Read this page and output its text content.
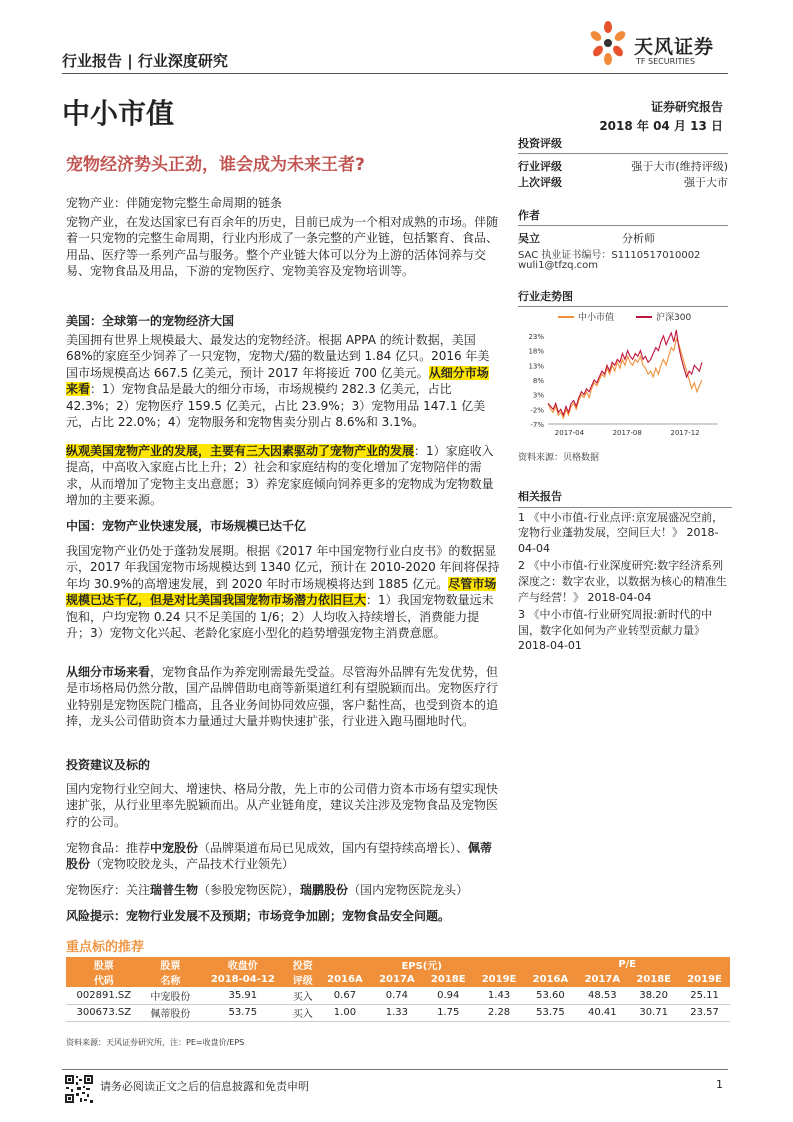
行业报告 | 行业深度研究
天风证券
TF SECURITIES
中小市值	证券研究报告
2018 年 04 月 13 日
宠物经济势头正劲，谁会成为未来王者?
宠物产业：伴随宠物完整生命周期的链条

宠物产业，在发达国家已有百余年的历史，目前已成为一个相对成熟的市场。伴随着一只宠物的完整生命周期，行业内形成了一条完整的产业链，包括繁育、食品、用品、医疗等一系列产品与服务。整个产业链大体可以分为上游的活体饲养与交易、宠物食品及用品，下游的宠物医疗、宠物美容及宠物培训等。

美国：全球第一的宠物经济大国

美国拥有世界上规模最大、最发达的宠物经济。根据 APPA 的统计数据，美国 68%的家庭至少饲养了一只宠物，宠物犬/猫的数量达到 1.84 亿只。2016 年美国市场规模高达 667.5 亿美元，预计 2017 年将接近 700 亿美元。从细分市场来看：1）宠物食品是最大的细分市场，市场规模约 282.3 亿美元，占比 42.3%；2）宠物医疗 159.5 亿美元，占比 23.9%；3）宠物用品 147.1 亿美元，占比 22.0%；4）宠物服务和宠物售卖分别占 8.6%和 3.1%。

纵观美国宠物产业的发展，主要有三大因素驱动了宠物产业的发展：1）家庭收入提高，中高收入家庭占比上升；2）社会和家庭结构的变化增加了宠物陪伴的需求，从而增加了宠物主支出意愿；3）养宠家庭倾向饲养更多的宠物成为宠物数量增加的主要来源。

中国：宠物产业快速发展，市场规模已达千亿

我国宠物产业仍处于蓬勃发展期。根据《2017 年中国宠物行业白皮书》的数据显示，2017 年我国宠物市场规模达到 1340 亿元，预计在 2010-2020 年间将保持年均 30.9%的高增速发展，到 2020 年时市场规模将达到 1885 亿元。尽管市场规模已达千亿，但是对比美国我国宠物市场潜力依旧巨大：1）我国宠物数量远未饱和，户均宠物 0.24 只不足美国的 1/6；2）人均收入持续增长，消费能力提升；3）宠物文化兴起、老龄化家庭小型化的趋势增强宠物主消费意愿。

从细分市场来看，宠物食品作为养宠刚需最先受益。尽管海外品牌有先发优势，但是市场格局仍然分散，国产品牌借助电商等新渠道红利有望脱颖而出。宠物医疗行业特别是宠物医院门槛高，且各业务间协同效应强，客户黏性高，也受到资本的追捧，龙头公司借助资本力量通过大量并购快速扩张，行业进入跑马圈地时代。

投资建议及标的

国内宠物行业空间大、增速快、格局分散，先上市的公司借力资本市场有望实现快速扩张，从行业里率先脱颖而出。从产业链角度，建议关注涉及宠物食品及宠物医疗的公司。

宠物食品：推荐中宠股份（品牌渠道布局已见成效，国内有望持续高增长）、佩蒂股份（宠物咬胶龙头，产品技术行业领先）

宠物医疗：关注瑞普生物（参股宠物医院），瑞鹏股份（国内宠物医院龙头）

风险提示：宠物行业发展不及预期；市场竞争加剧；宠物食品安全问题。
投资评级
行业评级	强于大市(维持评级)
上次评级	强于大市
作者
吴立	分析师
SAC 执业证书编号：S1110517010002
wuli1@tfzq.com
行业走势图
中小市值	沪深300
23%
18%
13%
8%
3%
-2%
-7%
2017-04	2017-08	2017-12
资料来源：贝格数据
相关报告
1 《中小市值-行业点评:京宠展盛况空前，宠物行业蓬勃发展，空间巨大！》 2018-04-04
2 《中小市值-行业深度研究:数字经济系列深度之：数字农业，以数据为核心的精准生产与经营！》 2018-04-04
3 《中小市值-行业研究周报:新时代的中国，数字化如何为产业转型贡献力量》 2018-04-01
重点标的推荐
股票	股票	收盘价	投资	EPS(元)				P/E			
代码	名称	2018-04-12	评级	2016A	2017A	2018E	2019E	2016A	2017A	2018E	2019E
002891.SZ	中宠股份	35.91	买入	0.67	0.74	0.94	1.43	53.60	48.53	38.20	25.11
300673.SZ	佩蒂股份	53.75	买入	1.00	1.33	1.75	2.28	53.75	40.41	30.71	23.57
资料来源：天风证券研究所，注：PE=收盘价/EPS
请务必阅读正文之后的信息披露和免责申明	1
